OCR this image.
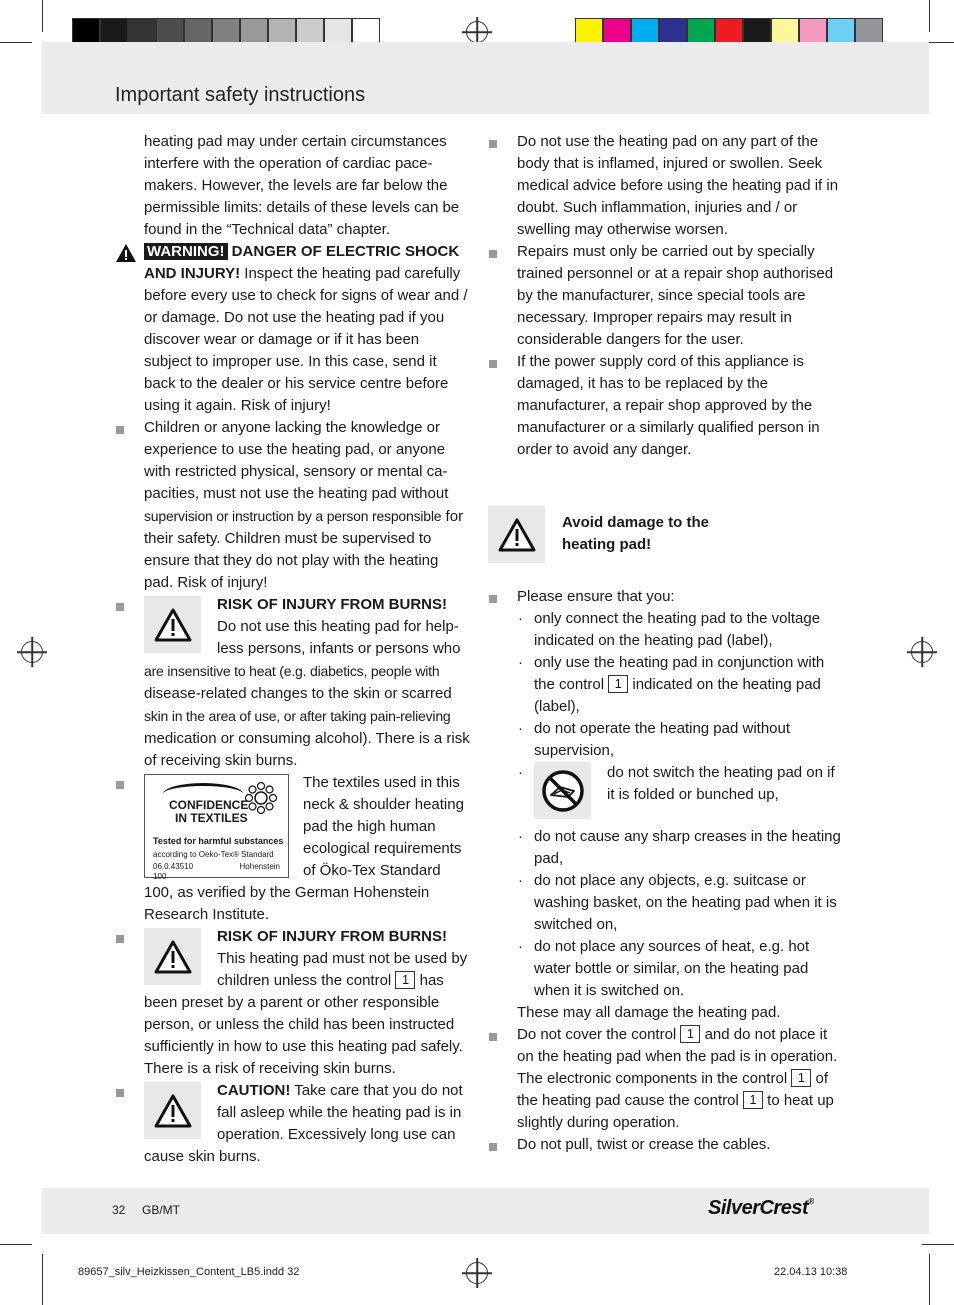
Important safety instructions

heating pad may under certain circumstances interfere with the operation of cardiac pace-makers. However, the levels are far below the permissible limits: details of these levels can be found in the “Technical data” chapter.

WARNING! DANGER OF ELECTRIC SHOCK AND INJURY! Inspect the heating pad carefully before every use to check for signs of wear and / or damage. Do not use the heating pad if you discover wear or damage or if it has been subject to improper use. In this case, send it back to the dealer or his service centre before using it again. Risk of injury!
Children or anyone lacking the knowledge or experience to use the heating pad, or anyone with restricted physical, sensory or mental ca-pacities, must not use the heating pad without supervision or instruction by a person responsible for their safety. Children must be supervised to ensure that they do not play with the heating pad. Risk of injury!
RISK OF INJURY FROM BURNS! Do not use this heating pad for help-less persons, infants or persons who are insensitive to heat (e.g. diabetics, people with disease-related changes to the skin or scarred skin in the area of use, or after taking pain-relieving medication or consuming alcohol). There is a risk of receiving skin burns.
CONFIDENCE
IN TEXTILES
Tested for harmful substances
according to Oeko-Tex® Standard 100
06.0.43510	Hohenstein
The textiles used in this neck & shoulder heating pad the high human ecological requirements of Öko-Tex Standard 100, as verified by the German Hohenstein Research Institute.
RISK OF INJURY FROM BURNS! This heating pad must not be used by children unless the control 1 has been preset by a parent or other responsible person, or unless the child has been instructed sufficiently in how to use this heating pad safely. There is a risk of receiving skin burns.
CAUTION! Take care that you do not fall asleep while the heating pad is in operation. Excessively long use can cause skin burns.

Do not use the heating pad on any part of the body that is inflamed, injured or swollen. Seek medical advice before using the heating pad if in doubt. Such inflammation, injuries and / or swelling may otherwise worsen.

Repairs must only be carried out by specially trained personnel or at a repair shop authorised by the manufacturer, since special tools are necessary. Improper repairs may result in considerable dangers for the user.

If the power supply cord of this appliance is damaged, it has to be replaced by the manufacturer, a repair shop approved by the manufacturer or a similarly qualified person in order to avoid any danger.

Avoid damage to the
heating pad!
Please ensure that you:
· only connect the heating pad to the voltage indicated on the heating pad (label),
· only use the heating pad in conjunction with the control 1 indicated on the heating pad (label),
· do not operate the heating pad without supervision,
· do not switch the heating pad on if it is folded or bunched up,
· do not cause any sharp creases in the heating pad,
· do not place any objects, e.g. suitcase or washing basket, on the heating pad when it is switched on,
· do not place any sources of heat, e.g. hot water bottle or similar, on the heating pad when it is switched on.

These may all damage the heating pad.

Do not cover the control 1 and do not place it on the heating pad when the pad is in operation. The electronic components in the control 1 of the heating pad cause the control 1 to heat up slightly during operation.

Do not pull, twist or crease the cables.

32 GB/MT	SilverCrest®
89657_silv_Heizkissen_Content_LB5.indd 32	22.04.13 10:38
